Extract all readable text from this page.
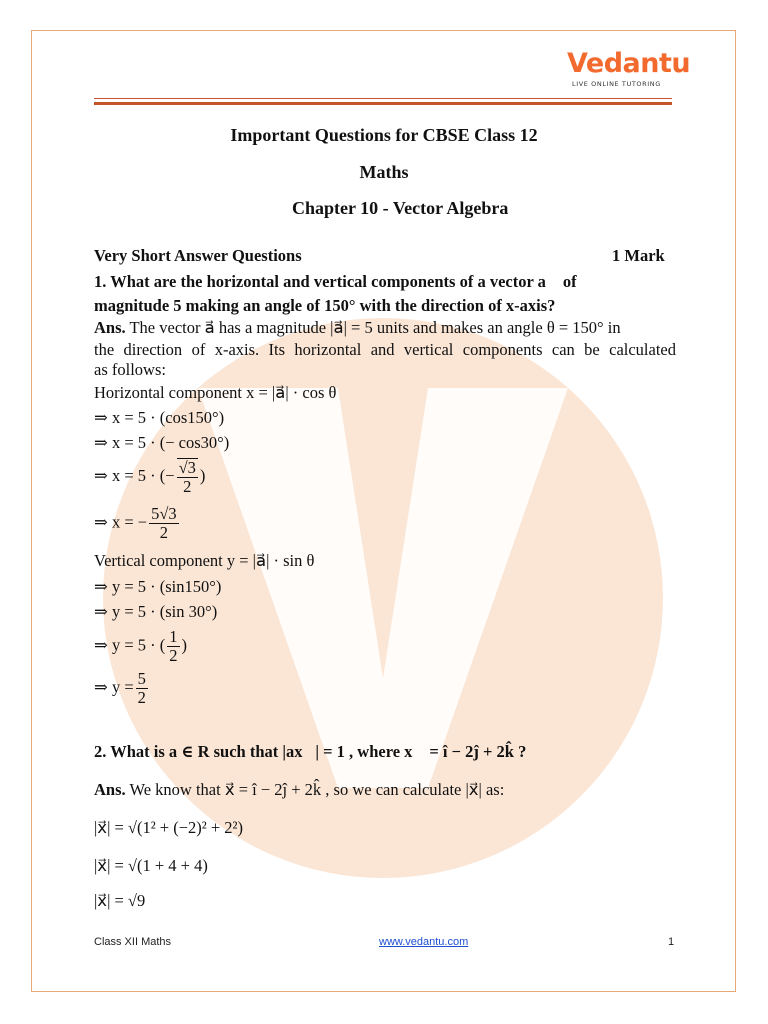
Vedantu
LIVE ONLINE TUTORING
Important Questions for CBSE Class 12
Maths
Chapter 10 - Vector Algebra
Very Short Answer Questions	1 Mark
1. What are the horizontal and vertical components of a vector a⃗ of
magnitude 5 making an angle of 150° with the direction of x-axis?
Ans. The vector a⃗ has a magnitude |a⃗| = 5 units and makes an angle θ = 150° in
the direction of x-axis. Its horizontal and vertical components can be calculated
as follows:
Horizontal component x = |a⃗| · cos θ
⇒ x = 5 · (cos150°)
⇒ x = 5 · (− cos30°)
⇒ x = 5 · (− $\frac{√3}{2}$ )
⇒ x = − $\frac{5√3}{2}$
Vertical component y = |a⃗| · sin θ
⇒ y = 5 · (sin150°)
⇒ y = 5 · (sin 30°)
⇒ y = 5 · ( $\frac{1}{2}$ )
⇒ $y = \frac{5}{2}$
2. What is a ∈ R such that |ax⃗| = 1 , where x⃗ = î − 2ĵ + 2k̂ ?
Ans. We know that x⃗ = î − 2ĵ + 2k̂ , so we can calculate |x⃗| as:
|x⃗| = √(1² + (−2)² + 2²)
|x⃗| = √(1 + 4 + 4)
|x⃗| = √9
Class XII Maths	www.vedantu.com	1
